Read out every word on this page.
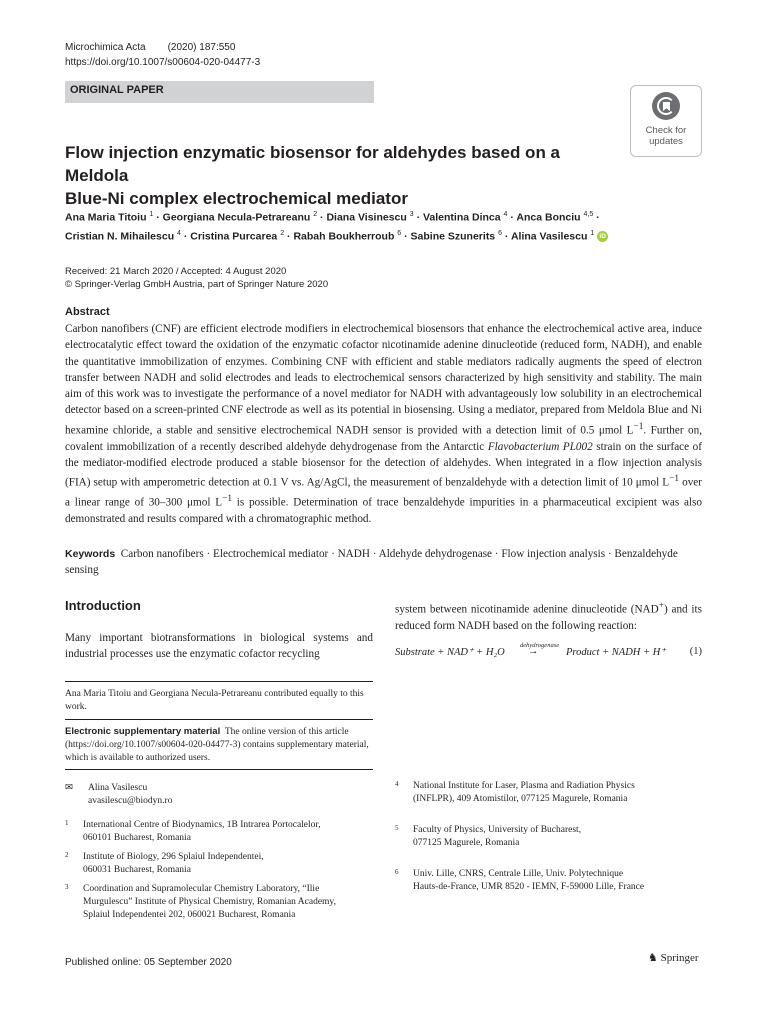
Microchimica Acta (2020) 187:550
https://doi.org/10.1007/s00604-020-04477-3
ORIGINAL PAPER
Check for
updates
Flow injection enzymatic biosensor for aldehydes based on a Meldola
Blue-Ni complex electrochemical mediator
Ana Maria Titoiu $^1$ · Georgiana Necula-Petrareanu $^2$ · Diana Visinescu $^3$ · Valentina Dinca $^4$ · Anca Bonciu $^{4,5}$ ·
Cristian N. Mihailescu $^4$ · Cristina Purcarea $^2$ · Rabah Boukherroub $^6$ · Sabine Szunerits $^6$ · Alina Vasilescu $^1$ iD
Received: 21 March 2020 / Accepted: 4 August 2020
© Springer-Verlag GmbH Austria, part of Springer Nature 2020
Abstract
Carbon nanofibers (CNF) are efficient electrode modifiers in electrochemical biosensors that enhance the electrochemical active area, induce electrocatalytic effect toward the oxidation of the enzymatic cofactor nicotinamide adenine dinucleotide (reduced form, NADH), and enable the quantitative immobilization of enzymes. Combining CNF with efficient and stable mediators radically augments the speed of electron transfer between NADH and solid electrodes and leads to electrochemical sensors characterized by high sensitivity and stability. The main aim of this work was to investigate the performance of a novel mediator for NADH with advantageously low solubility in an electrochemical detector based on a screen-printed CNF electrode as well as its potential in biosensing. Using a mediator, prepared from Meldola Blue and Ni hexamine chloride, a stable and sensitive electrochemical NADH sensor is provided with a detection limit of 0.5 μmol $L^{-1}$. Further on, covalent immobilization of a recently described aldehyde dehydrogenase from the Antarctic Flavobacterium PL002 strain on the surface of the mediator-modified electrode produced a stable biosensor for the detection of aldehydes. When integrated in a flow injection analysis (FIA) setup with amperometric detection at 0.1 V vs. Ag/AgCl, the measurement of benzaldehyde with a detection limit of 10 μmol $L^{-1}$ over a linear range of 30–300 μmol $L^{-1}$ is possible. Determination of trace benzaldehyde impurities in a pharmaceutical excipient was also demonstrated and results compared with a chromatographic method.
Keywords Carbon nanofibers · Electrochemical mediator · NADH · Aldehyde dehydrogenase · Flow injection analysis · Benzaldehyde sensing
Introduction
Many important biotransformations in biological systems and industrial processes use the enzymatic cofactor recycling
system between nicotinamide adenine dinucleotide (NAD+) and its reduced form NADH based on the following reaction:
Substrate + NAD⁺ + H₂O
dehydrogenase
→	Product + NADH + H⁺ (1)
Ana Maria Titoiu and Georgiana Necula-Petrareanu contributed equally to this work.
Electronic supplementary material The online version of this article (https://doi.org/10.1007/s00604-020-04477-3) contains supplementary material, which is available to authorized users.
✉ Alina Vasilescu
avasilescu@biodyn.ro
1 International Centre of Biodynamics, 1B Intrarea Portocalelor,
060101 Bucharest, Romania
2 Institute of Biology, 296 Splaiul Independentei,
060031 Bucharest, Romania
3 Coordination and Supramolecular Chemistry Laboratory, “Ilie
Murgulescu” Institute of Physical Chemistry, Romanian Academy,
Splaiul Independentei 202, 060021 Bucharest, Romania
4 National Institute for Laser, Plasma and Radiation Physics
(INFLPR), 409 Atomistilor, 077125 Magurele, Romania
5 Faculty of Physics, University of Bucharest,
077125 Magurele, Romania
6 Univ. Lille, CNRS, Centrale Lille, Univ. Polytechnique
Hauts-de-France, UMR 8520 - IEMN, F-59000 Lille, France
Published online: 05 September 2020	♞ Springer
